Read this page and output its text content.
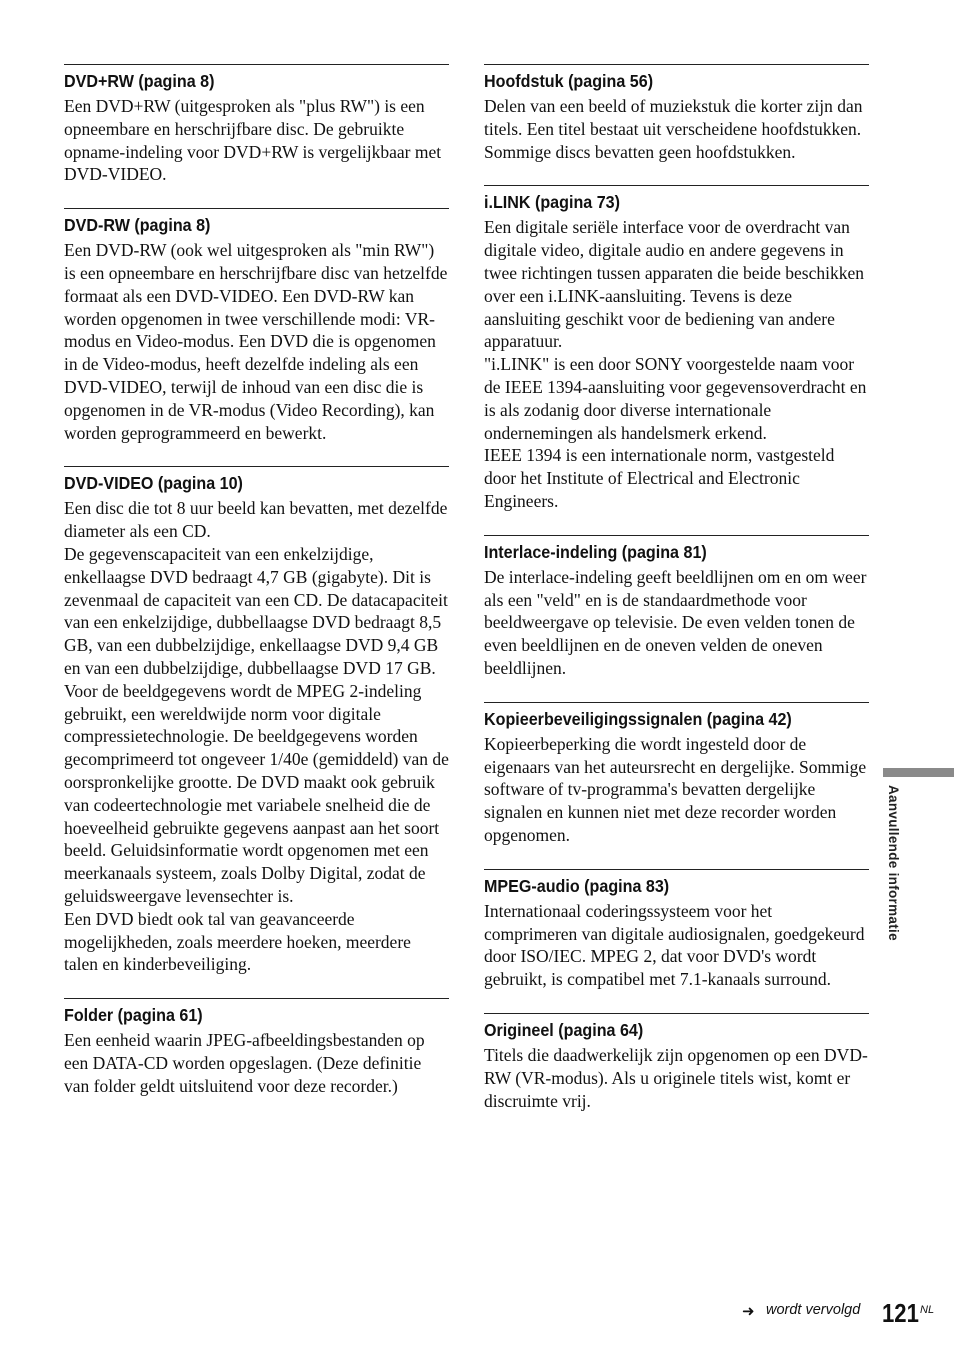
DVD+RW (pagina 8)

Een DVD+RW (uitgesproken als "plus RW") is een opneembare en herschrijfbare disc. De gebruikte opname-indeling voor DVD+RW is vergelijkbaar met DVD-VIDEO.

DVD-RW (pagina 8)

Een DVD-RW (ook wel uitgesproken als "min RW") is een opneembare en herschrijfbare disc van hetzelfde formaat als een DVD-VIDEO. Een DVD-RW kan worden opgenomen in twee verschillende modi: VR-modus en Video-modus. Een DVD die is opgenomen in de Video-modus, heeft dezelfde indeling als een DVD-VIDEO, terwijl de inhoud van een disc die is opgenomen in de VR-modus (Video Recording), kan worden geprogrammeerd en bewerkt.

DVD-VIDEO (pagina 10)

Een disc die tot 8 uur beeld kan bevatten, met dezelfde diameter als een CD.

De gegevenscapaciteit van een enkelzijdige, enkellaagse DVD bedraagt 4,7 GB (gigabyte). Dit is zevenmaal de capaciteit van een CD. De datacapaciteit van een enkelzijdige, dubbellaagse DVD bedraagt 8,5 GB, van een dubbelzijdige, enkellaagse DVD 9,4 GB en van een dubbelzijdige, dubbellaagse DVD 17 GB.

Voor de beeldgegevens wordt de MPEG 2-indeling gebruikt, een wereldwijde norm voor digitale compressietechnologie. De beeldgegevens worden gecomprimeerd tot ongeveer 1/40e (gemiddeld) van de oorspronkelijke grootte. De DVD maakt ook gebruik van codeertechnologie met variabele snelheid die de hoeveelheid gebruikte gegevens aanpast aan het soort beeld. Geluidsinformatie wordt opgenomen met een meerkanaals systeem, zoals Dolby Digital, zodat de geluidsweergave levensechter is.

Een DVD biedt ook tal van geavanceerde mogelijkheden, zoals meerdere hoeken, meerdere talen en kinderbeveiliging.

Folder (pagina 61)

Een eenheid waarin JPEG-afbeeldingsbestanden op een DATA-CD worden opgeslagen. (Deze definitie van folder geldt uitsluitend voor deze recorder.)

Hoofdstuk (pagina 56)

Delen van een beeld of muziekstuk die korter zijn dan titels. Een titel bestaat uit verscheidene hoofdstukken. Sommige discs bevatten geen hoofdstukken.

i.LINK (pagina 73)

Een digitale seriële interface voor de overdracht van digitale video, digitale audio en andere gegevens in twee richtingen tussen apparaten die beide beschikken over een i.LINK-aansluiting. Tevens is deze aansluiting geschikt voor de bediening van andere apparatuur.

"i.LINK" is een door SONY voorgestelde naam voor de IEEE 1394-aansluiting voor gegevensoverdracht en is als zodanig door diverse internationale ondernemingen als handelsmerk erkend.

IEEE 1394 is een internationale norm, vastgesteld door het Institute of Electrical and Electronic Engineers.

Interlace-indeling (pagina 81)

De interlace-indeling geeft beeldlijnen om en om weer als een "veld" en is de standaardmethode voor beeldweergave op televisie. De even velden tonen de even beeldlijnen en de oneven velden de oneven beeldlijnen.

Kopieerbeveiligingssignalen (pagina 42)

Kopieerbeperking die wordt ingesteld door de eigenaars van het auteursrecht en dergelijke. Sommige software of tv-programma's bevatten dergelijke signalen en kunnen niet met deze recorder worden opgenomen.

MPEG-audio (pagina 83)

Internationaal coderingssysteem voor het comprimeren van digitale audiosignalen, goedgekeurd door ISO/IEC. MPEG 2, dat voor DVD's wordt gebruikt, is compatibel met 7.1-kanaals surround.

Origineel (pagina 64)

Titels die daadwerkelijk zijn opgenomen op een DVD-RW (VR-modus). Als u originele titels wist, komt er discruimte vrij.

Aanvullende informatie
➜ wordt vervolgd 121 NL
